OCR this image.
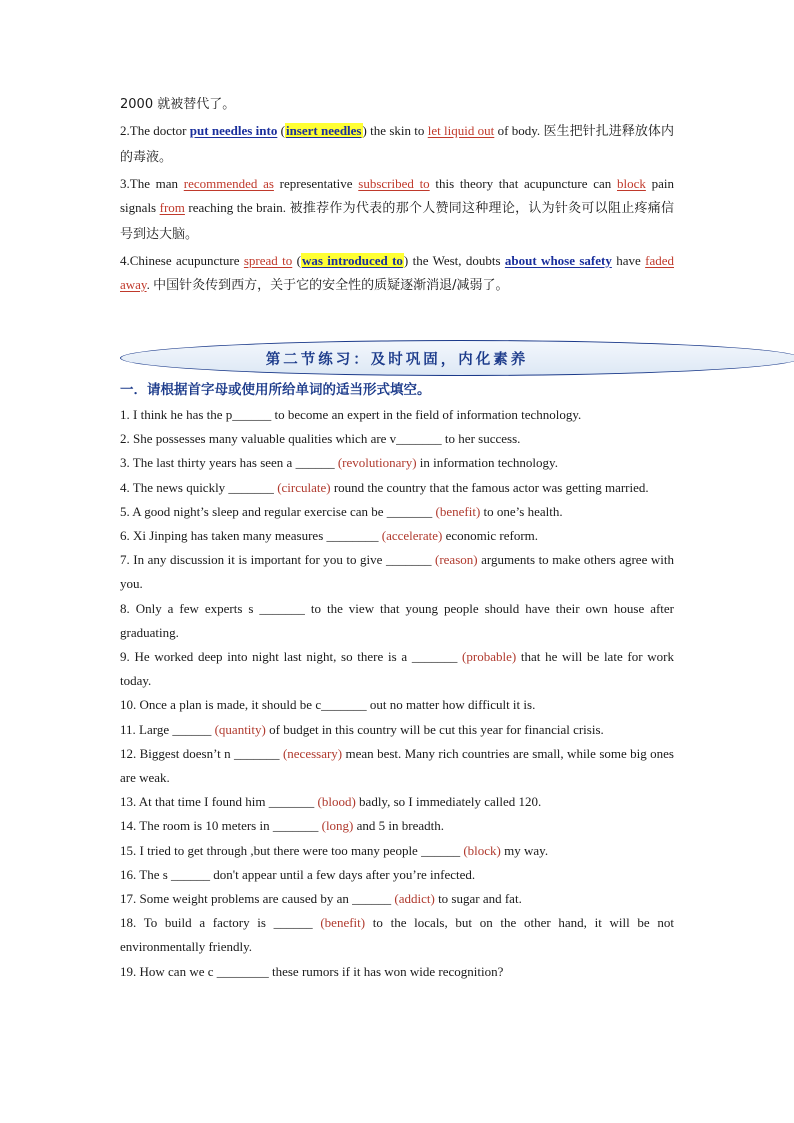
2000 就被替代了。

2.The doctor put needles into (insert needles) the skin to let liquid out of body. 医生把针扎进释放体内的毒液。

3.The man recommended as representative subscribed to this theory that acupuncture can block pain signals from reaching the brain. 被推荐作为代表的那个人赞同这种理论，认为针灸可以阻止疼痛信号到达大脑。

4.Chinese acupuncture spread to (was introduced to) the West, doubts about whose safety have faded away. 中国针灸传到西方，关于它的安全性的质疑逐渐消退/减弱了。

第二节练习：及时巩固，内化素养

一．请根据首字母或使用所给单词的适当形式填空。

1. I think he has the p______ to become an expert in the field of information technology.

2. She possesses many valuable qualities which are v_______ to her success.

3. The last thirty years has seen a ______ (revolutionary) in information technology.

4. The news quickly _______ (circulate) round the country that the famous actor was getting married.

5. A good night’s sleep and regular exercise can be _______ (benefit) to one’s health.

6. Xi Jinping has taken many measures ________ (accelerate) economic reform.

7. In any discussion it is important for you to give _______ (reason) arguments to make others agree with you.

8. Only a few experts s _______ to the view that young people should have their own house after graduating.

9. He worked deep into night last night, so there is a _______ (probable) that he will be late for work today.

10. Once a plan is made, it should be c_______ out no matter how difficult it is.

11. Large ______ (quantity) of budget in this country will be cut this year for financial crisis.

12. Biggest doesn’t n _______ (necessary) mean best. Many rich countries are small, while some big ones are weak.

13. At that time I found him _______ (blood) badly, so I immediately called 120.

14. The room is 10 meters in _______ (long) and 5 in breadth.

15. I tried to get through ,but there were too many people ______ (block) my way.

16. The s ______ don't appear until a few days after you’re infected.

17. Some weight problems are caused by an ______ (addict) to sugar and fat.

18. To build a factory is ______ (benefit) to the locals, but on the other hand, it will be not environmentally friendly.

19. How can we c ________ these rumors if it has won wide recognition?
